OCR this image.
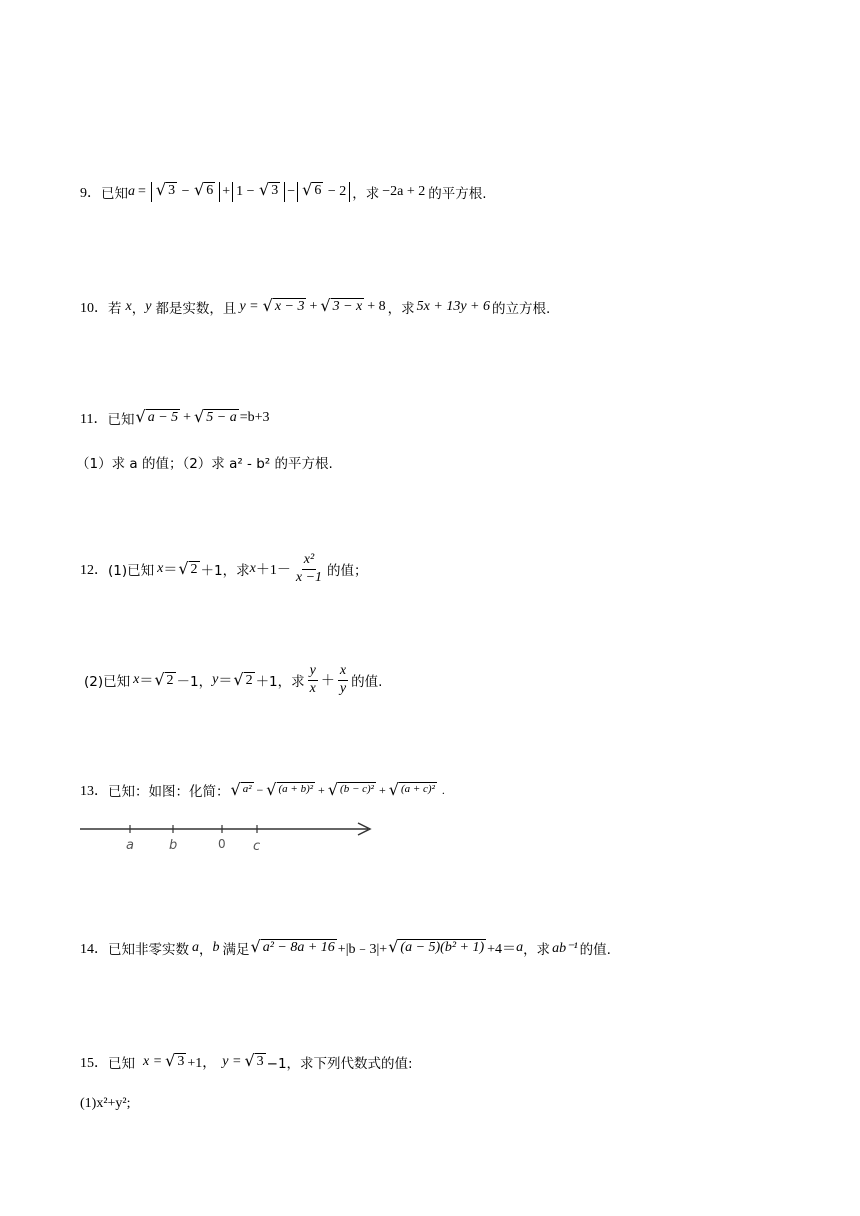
9． 已知 a = √ 3 − √ 6 + 1 − √ 3 − √ 6 − 2 ，求 −2a + 2 的平方根.
10． 若 x ， y 都是实数，且 y = √ x − 3 + √ 3 − x + 8 ，求 5x + 13y + 6 的立方根.
11． 已知 √ a − 5 + √ 5 − a =b+3
（1）求 a 的值；（2）求 a² - b² 的平方根.
12． (1)已知 x ＝ √ 2 ＋1，求 $x +1- \frac{\text{x²}}{x -1}$ 的值；
(2)已知 x ＝ √ 2 －1， y ＝ √ 2 ＋1，求 $\frac{y}{x} + \frac{x}{y}$ 的值.
13． 已知：如图：化简： √ a² − √ (a + b)² + √ (b − c)² + √ (a + c)² .
a	b	0 c
14． 已知非零实数 a ， b 满足 √ a² − 8a + 16 +|b﹣3|+ √ (a − 5)(b² + 1) +4＝ a ，求 ab⁻¹ 的值.
15． 已知 x = √ 3 +1， y = √ 3 −1，求下列代数式的值:
(1)x²+y²;
